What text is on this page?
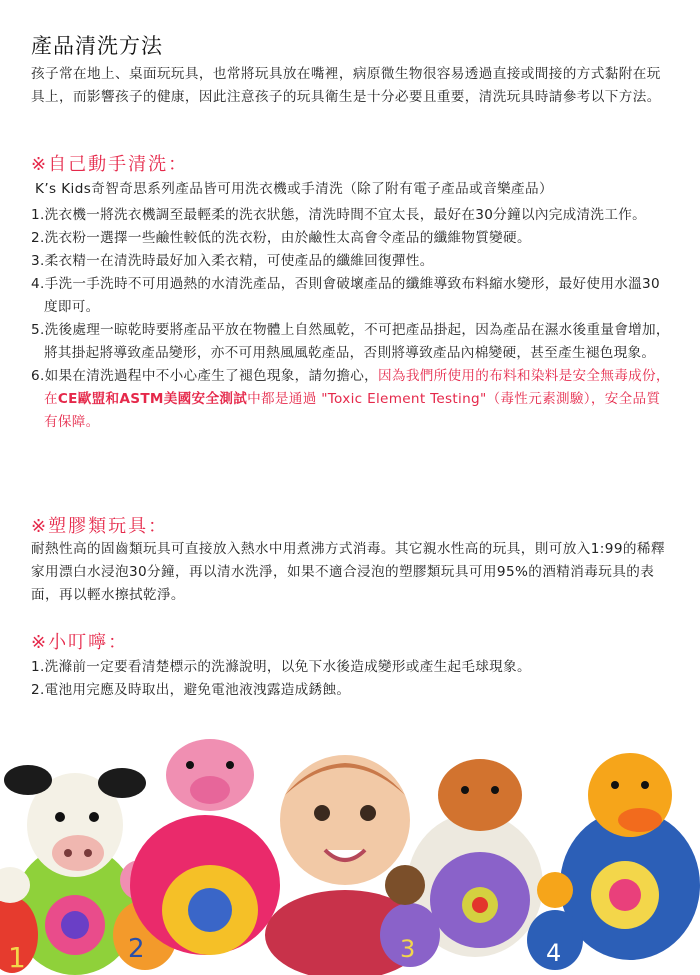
產品清洗方法

孩子常在地上、桌面玩玩具，也常將玩具放在嘴裡，病原微生物很容易透過直接或間接的方式黏附在玩具上，而影響孩子的健康，因此注意孩子的玩具衛生是十分必要且重要，清洗玩具時請參考以下方法。

※自己動手清洗：

K’s Kids奇智奇思系列產品皆可用洗衣機或手清洗（除了附有電子產品或音樂產品）

1.洗衣機一將洗衣機調至最輕柔的洗衣狀態，清洗時間不宜太長，最好在30分鐘以內完成清洗工作。
2.洗衣粉一選擇一些鹼性較低的洗衣粉，由於鹼性太高會令產品的纖維物質變硬。
3.柔衣精一在清洗時最好加入柔衣精，可使產品的纖維回復彈性。
4.手洗一手洗時不可用過熱的水清洗產品，否則會破壞產品的纖維導致布料縮水變形，最好使用水溫30度即可。
5.洗後處理一晾乾時要將產品平放在物體上自然風乾，不可把產品掛起，因為產品在濕水後重量會增加，將其掛起將導致產品變形，亦不可用熱風風乾產品，否則將導致產品內棉變硬，甚至產生褪色現象。
6.如果在清洗過程中不小心產生了褪色現象，請勿擔心，因為我們所使用的布料和染料是安全無毒成份，在CE歐盟和ASTM美國安全測試中都是通過 "Toxic Element Testing"（毒性元素測驗），安全品質有保障。
※塑膠類玩具：

耐熱性高的固齒類玩具可直接放入熱水中用煮沸方式消毒。其它親水性高的玩具，則可放入1:99的稀釋家用漂白水浸泡30分鐘，再以清水洗淨，如果不適合浸泡的塑膠類玩具可用95%的酒精消毒玩具的表面，再以輕水擦拭乾淨。

※小叮嚀：
1.洗滌前一定要看清楚標示的洗滌說明，以免下水後造成變形或產生起毛球現象。
2.電池用完應及時取出，避免電池液洩露造成銹蝕。
1	2	3	4
